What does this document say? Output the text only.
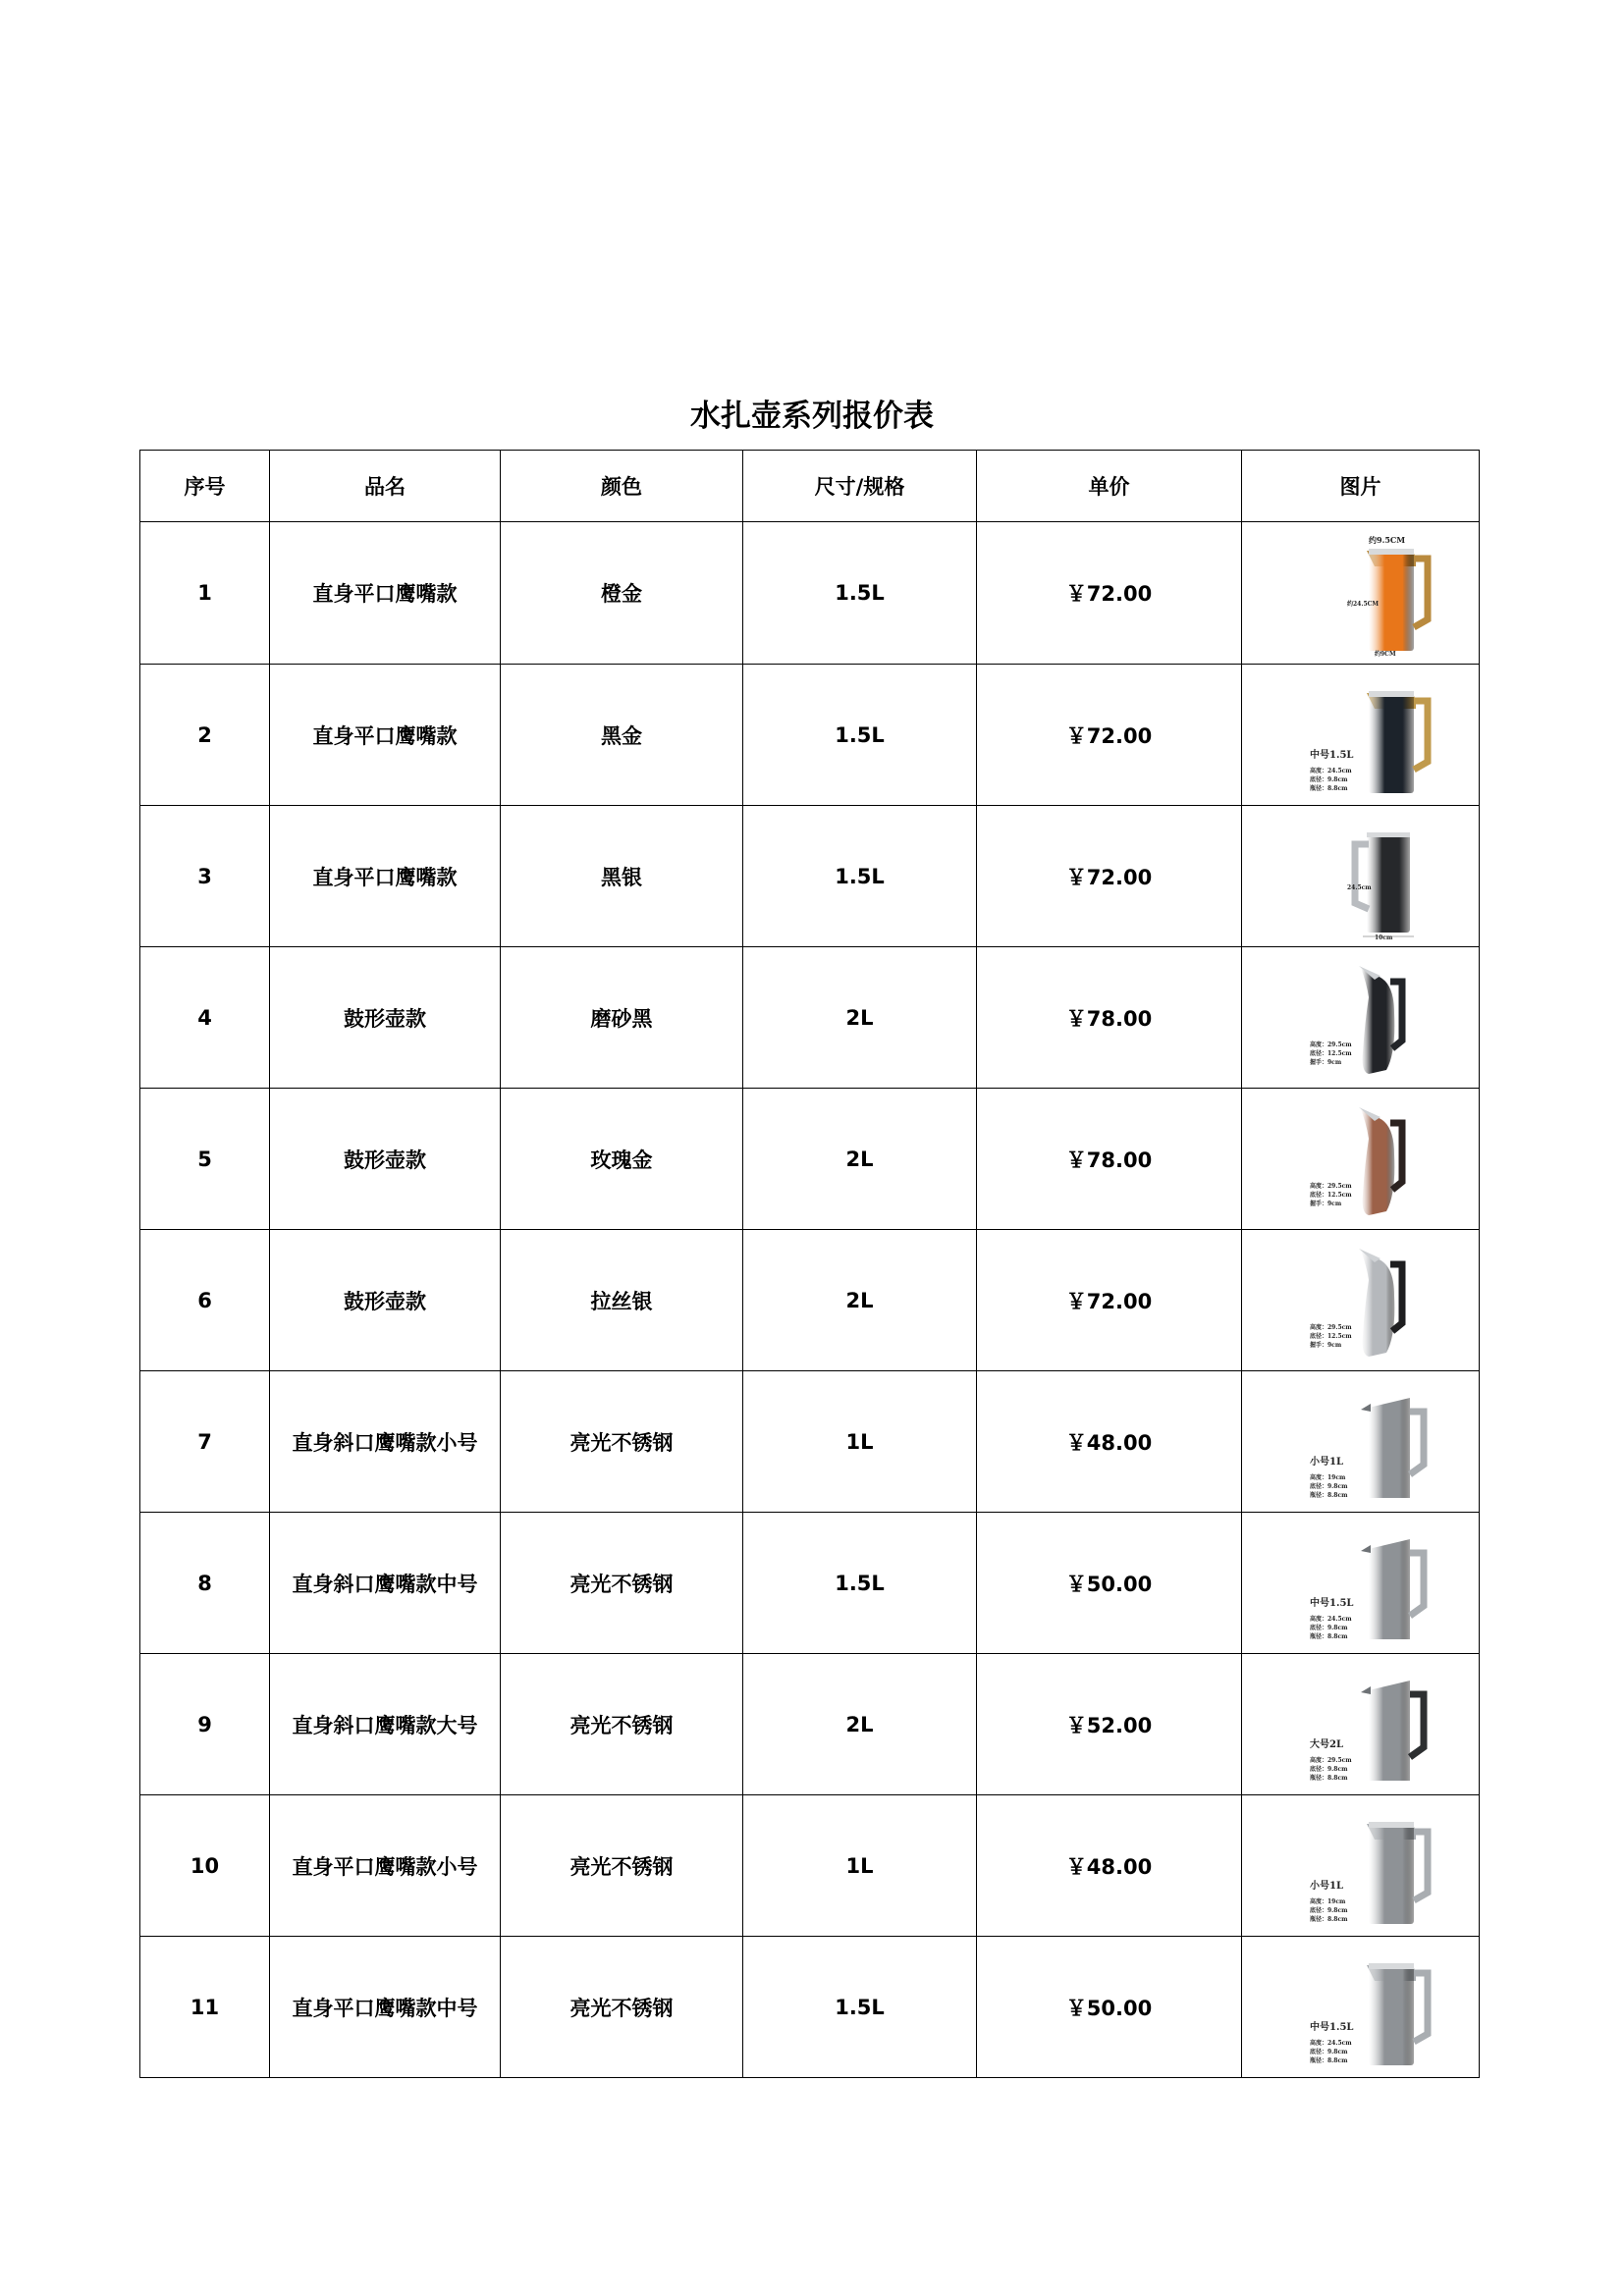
水扎壶系列报价表
序号	品名	颜色	尺寸/规格	单价	图片
1	直身平口鹰嘴款	橙金	1.5L	￥72.00	约9.5CM
约24.5CM
约9CM

2	直身平口鹰嘴款	黑金	1.5L	￥72.00	中号1.5L
高度：24.5cm
底径：9.8cm
瓶径：8.8cm

3	直身平口鹰嘴款	黑银	1.5L	￥72.00	24.5cm
10cm

4	鼓形壶款	磨砂黑	2L	￥78.00	高度：29.5cm
底径：12.5cm
握手：9cm

5	鼓形壶款	玫瑰金	2L	￥78.00	高度：29.5cm
底径：12.5cm
握手：9cm

6	鼓形壶款	拉丝银	2L	￥72.00	高度：29.5cm
底径：12.5cm
握手：9cm

7	直身斜口鹰嘴款小号	亮光不锈钢	1L	￥48.00	小号1L
高度：19cm
底径：9.8cm
瓶径：8.8cm

8	直身斜口鹰嘴款中号	亮光不锈钢	1.5L	￥50.00	中号1.5L
高度：24.5cm
底径：9.8cm
瓶径：8.8cm

9	直身斜口鹰嘴款大号	亮光不锈钢	2L	￥52.00	大号2L
高度：29.5cm
底径：9.8cm
瓶径：8.8cm

10	直身平口鹰嘴款小号	亮光不锈钢	1L	￥48.00	小号1L
高度：19cm
底径：9.8cm
瓶径：8.8cm

11	直身平口鹰嘴款中号	亮光不锈钢	1.5L	￥50.00	中号1.5L
高度：24.5cm
底径：9.8cm
瓶径：8.8cm
